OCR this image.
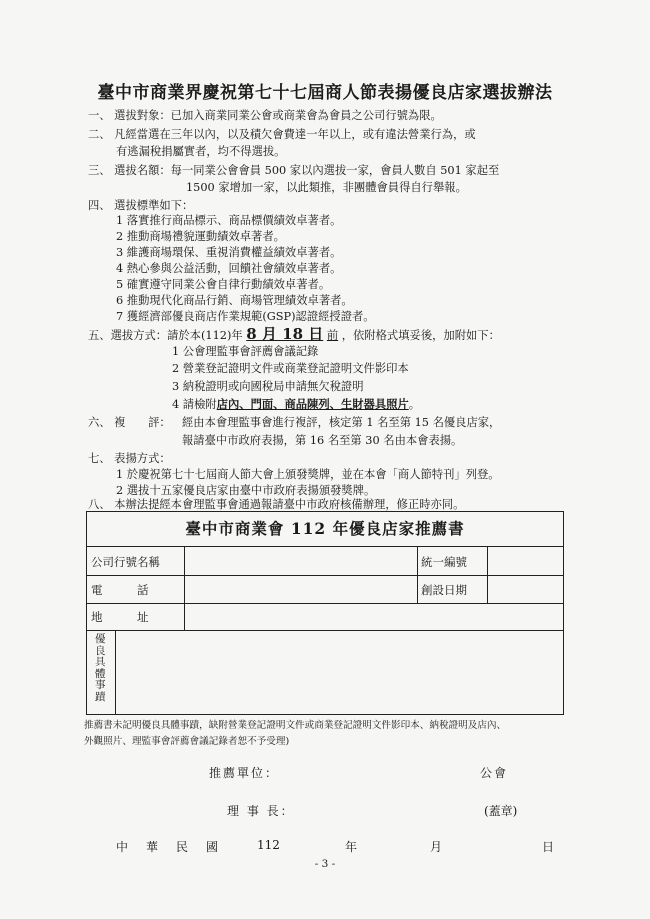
臺中市商業界慶祝第七十七屆商人節表揚優良店家選拔辦法
一、 選拔對象：已加入商業同業公會或商業會為會員之公司行號為限。
二、 凡經當選在三年以內，以及積欠會費達一年以上，或有違法營業行為，或
有逃漏稅捐屬實者，均不得選拔。
三、 選拔名額：每一同業公會會員 500 家以內選拔一家，會員人數自 501 家起至
1500 家增加一家，以此類推，非團體會員得自行舉報。
四、 選拔標準如下：
1 落實推行商品標示、商品標價績效卓著者。
2 推動商場禮貌運動績效卓著者。
3 維護商場環保、重視消費權益績效卓著者。
4 熱心參與公益活動，回饋社會績效卓著者。
5 確實遵守同業公會自律行動績效卓著者。
6 推動現代化商品行銷、商場管理績效卓著者。
7 獲經濟部優良商店作業規範(GSP)認證經授證者。
五、選拔方式：請於本(112)年 8 月 18 日 前 ，依附格式填妥後，加附如下：
1 公會理監事會評薦會議記錄
2 營業登記證明文件或商業登記證明文件影印本
3 納稅證明或向國稅局申請無欠稅證明
4 請檢附店內、門面、商品陳列、生財器具照片。
六、 複　　評： 經由本會理監事會進行複評，核定第 1 名至第 15 名優良店家，
報請臺中市政府表揚，第 16 名至第 30 名由本會表揚。
七、 表揚方式：
1 於慶祝第七十七屆商人節大會上頒發獎牌，並在本會「商人節特刊」列登。
2 選拔十五家優良店家由臺中市政府表揚頒發獎牌。
八、 本辦法提經本會理監事會通過報請臺中市政府核備辦理，修正時亦同。
臺中市商業會 112 年優良店家推薦書
公司行號名稱	統一編號
電　　　話	創設日期
地　　　址
優良具體事蹟
推薦書未記明優良具體事蹟，缺附營業登記證明文件或商業登記證明文件影印本、納稅證明及店內、
外觀照片、理監事會評薦會議記錄者恕不予受理)
推薦單位：	公會
理 事 長：	(蓋章)
中　華　民　國	112	年	月	日
- 3 -
